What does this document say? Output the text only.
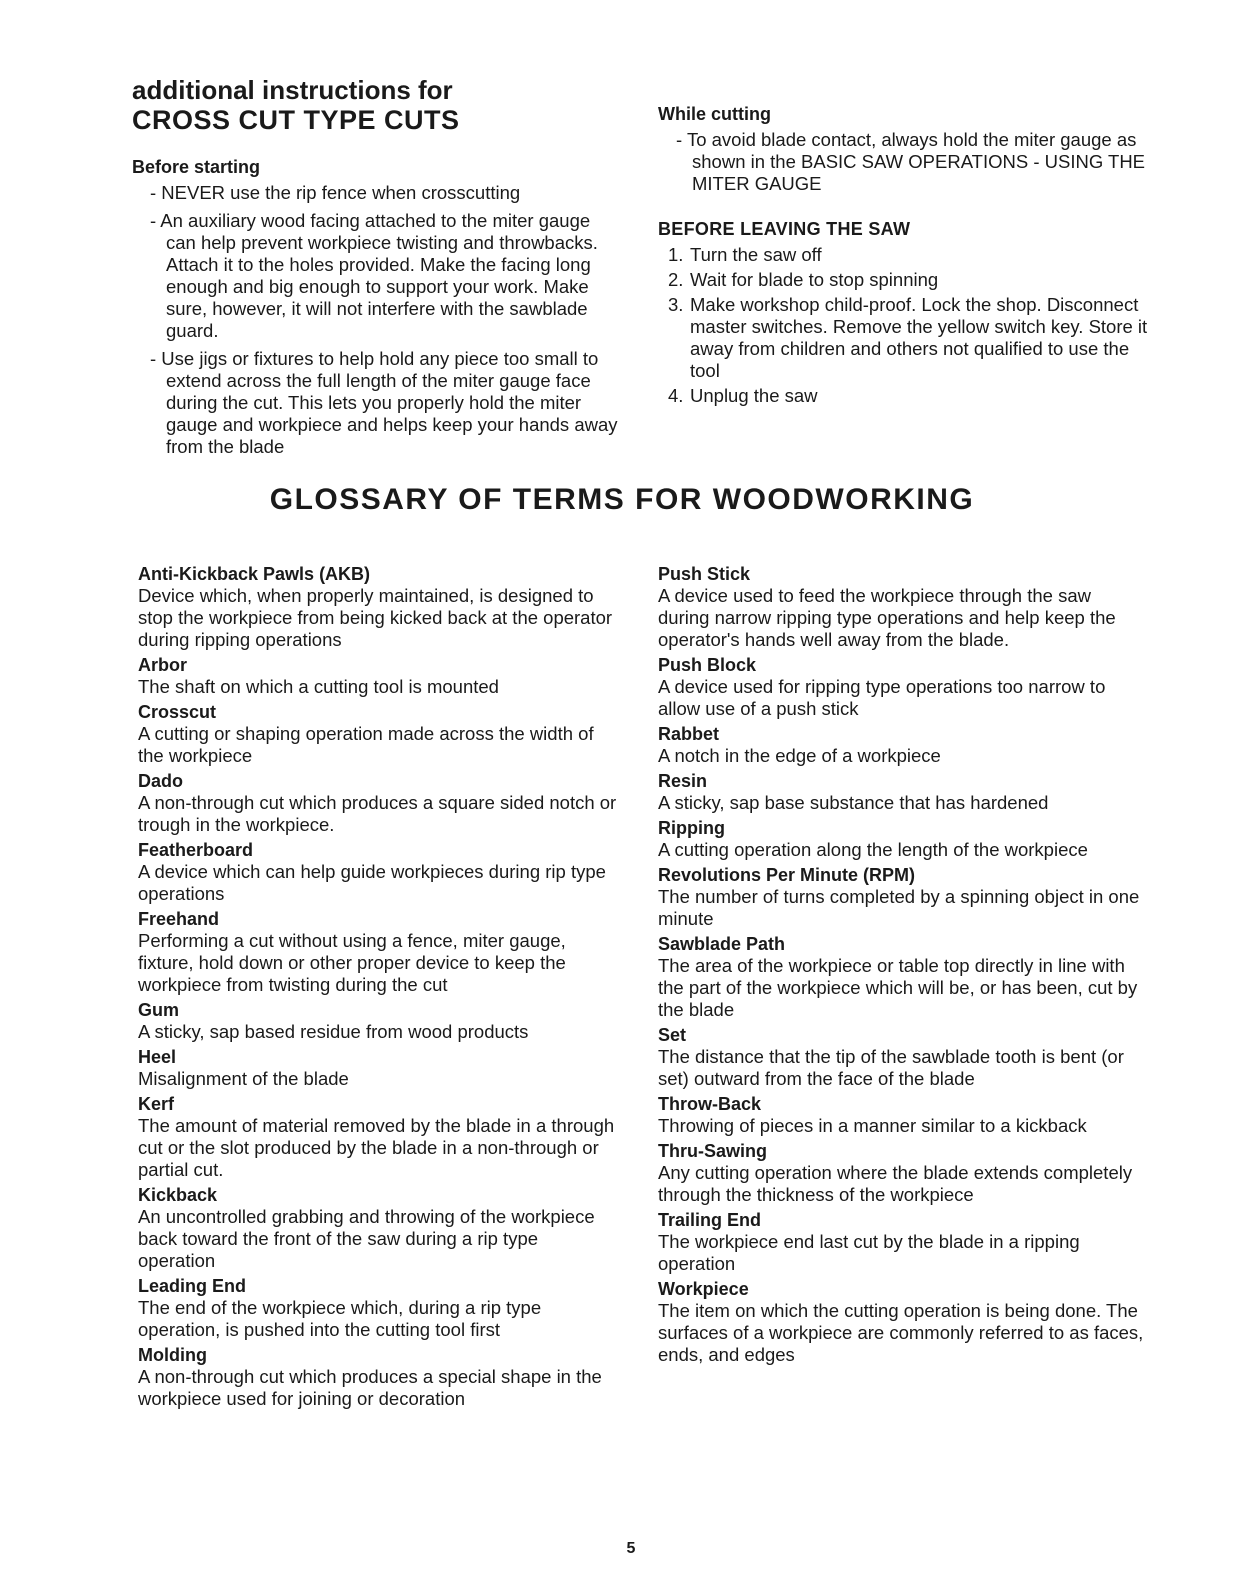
additional instructions for
CROSS CUT TYPE CUTS
Before starting
- NEVER use the rip fence when crosscutting
- An auxiliary wood facing attached to the miter gauge can help prevent workpiece twisting and throwbacks. Attach it to the holes provided. Make the facing long enough and big enough to support your work. Make sure, however, it will not interfere with the sawblade guard.
- Use jigs or fixtures to help hold any piece too small to extend across the full length of the miter gauge face during the cut. This lets you properly hold the miter gauge and workpiece and helps keep your hands away from the blade
While cutting
- To avoid blade contact, always hold the miter gauge as shown in the BASIC SAW OPERATIONS - USING THE MITER GAUGE
BEFORE LEAVING THE SAW
1. Turn the saw off
2. Wait for blade to stop spinning
3. Make workshop child-proof. Lock the shop. Disconnect master switches. Remove the yellow switch key. Store it away from children and others not qualified to use the tool
4. Unplug the saw
GLOSSARY OF TERMS FOR WOODWORKING
Anti-Kickback Pawls (AKB)
Device which, when properly maintained, is designed to stop the workpiece from being kicked back at the operator during ripping operations
Arbor
The shaft on which a cutting tool is mounted
Crosscut
A cutting or shaping operation made across the width of the workpiece
Dado
A non-through cut which produces a square sided notch or trough in the workpiece.
Featherboard
A device which can help guide workpieces during rip type operations
Freehand
Performing a cut without using a fence, miter gauge, fixture, hold down or other proper device to keep the workpiece from twisting during the cut
Gum
A sticky, sap based residue from wood products
Heel
Misalignment of the blade
Kerf
The amount of material removed by the blade in a through cut or the slot produced by the blade in a non-through or partial cut.
Kickback
An uncontrolled grabbing and throwing of the workpiece back toward the front of the saw during a rip type operation
Leading End
The end of the workpiece which, during a rip type operation, is pushed into the cutting tool first
Molding
A non-through cut which produces a special shape in the workpiece used for joining or decoration
Push Stick
A device used to feed the workpiece through the saw during narrow ripping type operations and help keep the operator's hands well away from the blade.
Push Block
A device used for ripping type operations too narrow to allow use of a push stick
Rabbet
A notch in the edge of a workpiece
Resin
A sticky, sap base substance that has hardened
Ripping
A cutting operation along the length of the workpiece
Revolutions Per Minute (RPM)
The number of turns completed by a spinning object in one minute
Sawblade Path
The area of the workpiece or table top directly in line with the part of the workpiece which will be, or has been, cut by the blade
Set
The distance that the tip of the sawblade tooth is bent (or set) outward from the face of the blade
Throw-Back
Throwing of pieces in a manner similar to a kickback
Thru-Sawing
Any cutting operation where the blade extends completely through the thickness of the workpiece
Trailing End
The workpiece end last cut by the blade in a ripping operation
Workpiece
The item on which the cutting operation is being done. The surfaces of a workpiece are commonly referred to as faces, ends, and edges
5
